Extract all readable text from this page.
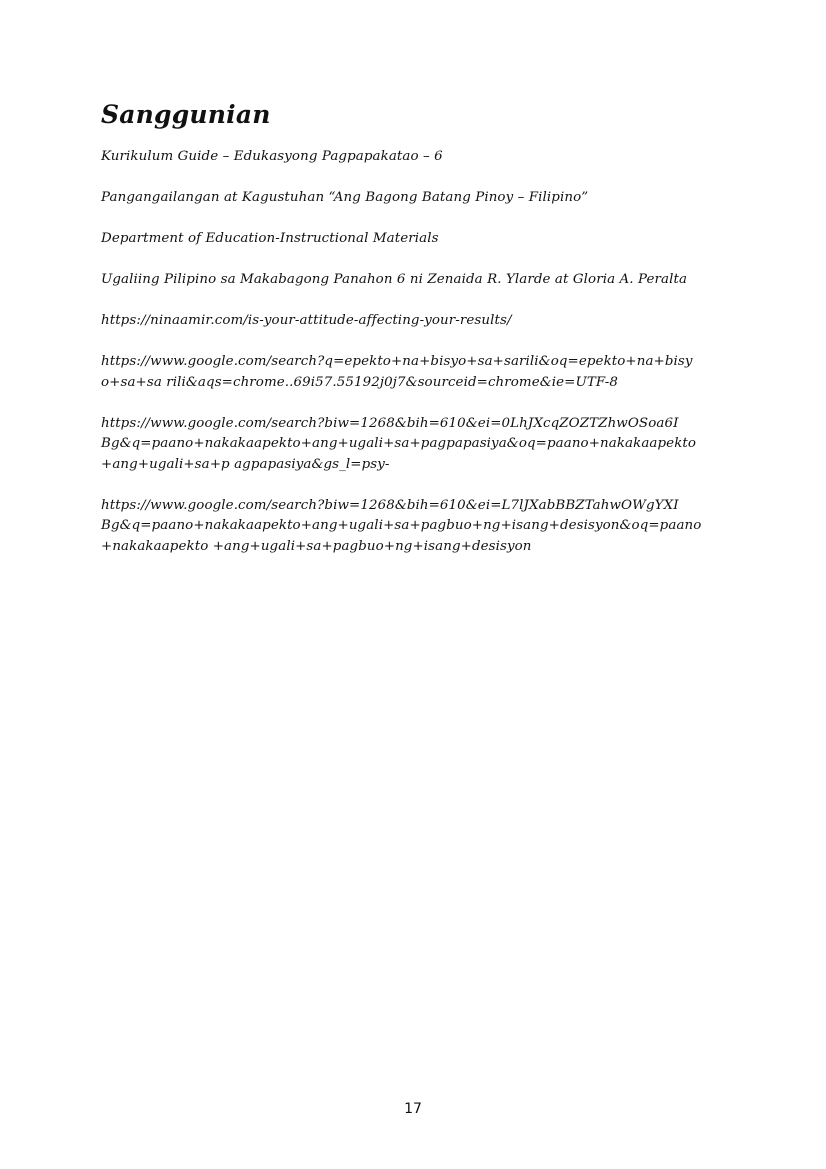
Sanggunian
Kurikulum Guide – Edukasyong Pagpapakatao – 6
Pangangailangan at Kagustuhan “Ang Bagong Batang Pinoy – Filipino”
Department of Education-Instructional Materials
Ugaliing Pilipino sa Makabagong Panahon 6 ni Zenaida R. Ylarde at Gloria A. Peralta
https://ninaamir.com/is-your-attitude-affecting-your-results/
https://www.google.com/search?q=epekto+na+bisyo+sa+sarili&oq=epekto+na+bisy
o+sa+sa rili&aqs=chrome..69i57.55192j0j7&sourceid=chrome&ie=UTF-8
https://www.google.com/search?biw=1268&bih=610&ei=0LhJXcqZOZTZhwOSoa6I
Bg&q=paano+nakakaapekto+ang+ugali+sa+pagpapasiya&oq=paano+nakakaapekto
+ang+ugali+sa+p agpapasiya&gs_l=psy-
https://www.google.com/search?biw=1268&bih=610&ei=L7lJXabBBZTahwOWgYXI
Bg&q=paano+nakakaapekto+ang+ugali+sa+pagbuo+ng+isang+desisyon&oq=paano
+nakakaapekto +ang+ugali+sa+pagbuo+ng+isang+desisyon
17
